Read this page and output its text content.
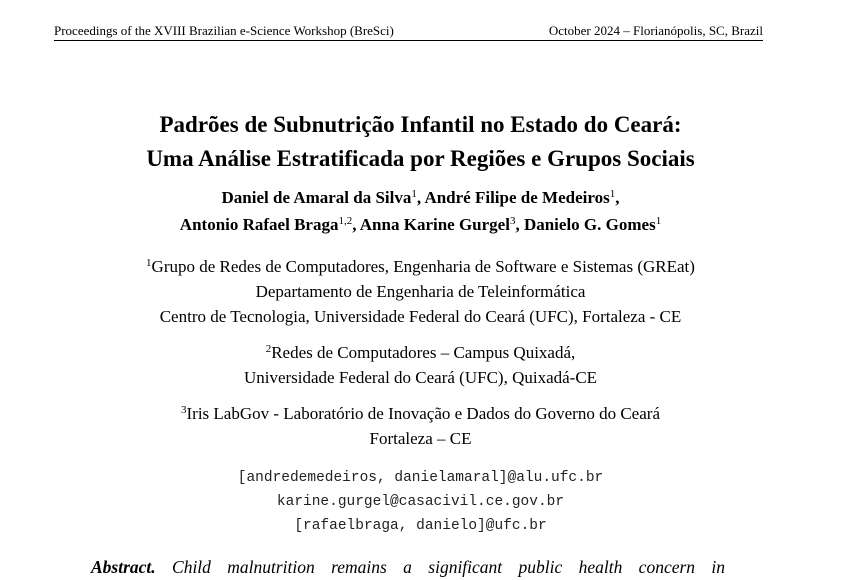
Proceedings of the XVIII Brazilian e-Science Workshop (BreSci)	October 2024 – Florianópolis, SC, Brazil
Padrões de Subnutrição Infantil no Estado do Ceará:
Uma Análise Estratificada por Regiões e Grupos Sociais
Daniel de Amaral da Silva$^1$, André Filipe de Medeiros$^1$,
Antonio Rafael Braga$^{1,2}$, Anna Karine Gurgel$^3$, Danielo G. Gomes$^1$
$^1$Grupo de Redes de Computadores, Engenharia de Software e Sistemas (GREat)
Departamento de Engenharia de Teleinformática
Centro de Tecnologia, Universidade Federal do Ceará (UFC), Fortaleza - CE
$^2$Redes de Computadores – Campus Quixadá,
Universidade Federal do Ceará (UFC), Quixadá-CE
$^3$Iris LabGov - Laboratório de Inovação e Dados do Governo do Ceará
Fortaleza – CE
[andredemedeiros, danielamaral]@alu.ufc.br
karine.gurgel@casacivil.ce.gov.br
[rafaelbraga, danielo]@ufc.br
Abstract. Child malnutrition remains a significant public health concern in
